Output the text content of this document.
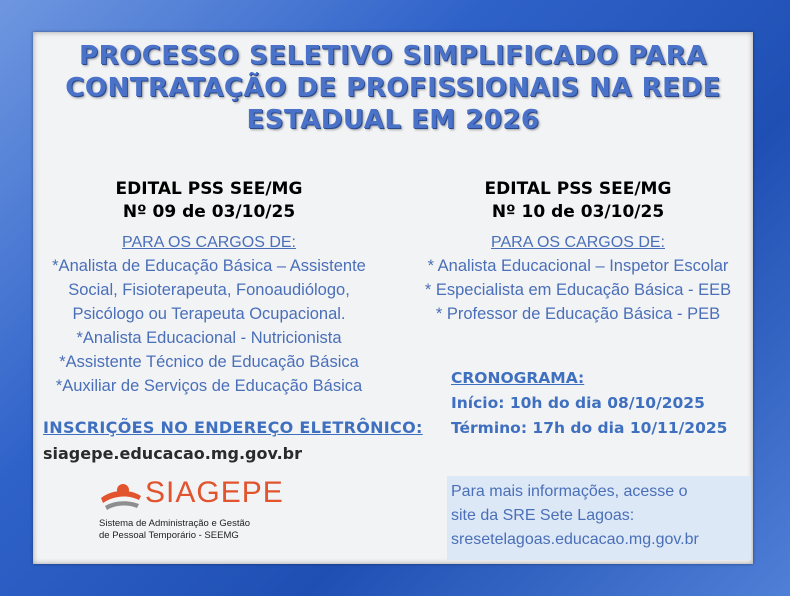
PROCESSO SELETIVO SIMPLIFICADO PARA
CONTRATAÇÃO DE PROFISSIONAIS NA REDE
ESTADUAL EM 2026
EDITAL PSS SEE/MG
Nº 09 de 03/10/25
PARA OS CARGOS DE:
*Analista de Educação Básica – Assistente
Social, Fisioterapeuta, Fonoaudiólogo,
Psicólogo ou Terapeuta Ocupacional.
*Analista Educacional - Nutricionista
*Assistente Técnico de Educação Básica
*Auxiliar de Serviços de Educação Básica
EDITAL PSS SEE/MG
Nº 10 de 03/10/25
PARA OS CARGOS DE:
* Analista Educacional – Inspetor Escolar
* Especialista em Educação Básica - EEB
* Professor de Educação Básica - PEB
INSCRIÇÕES NO ENDEREÇO ELETRÔNICO:
siagepe.educacao.mg.gov.br
CRONOGRAMA:
Início: 10h do dia 08/10/2025
Término: 17h do dia 10/11/2025
Para mais informações, acesse o
site da SRE Sete Lagoas:
sresetelagoas.educacao.mg.gov.br
SIAGEPE
Sistema de Administração e Gestão
de Pessoal Temporário - SEEMG
